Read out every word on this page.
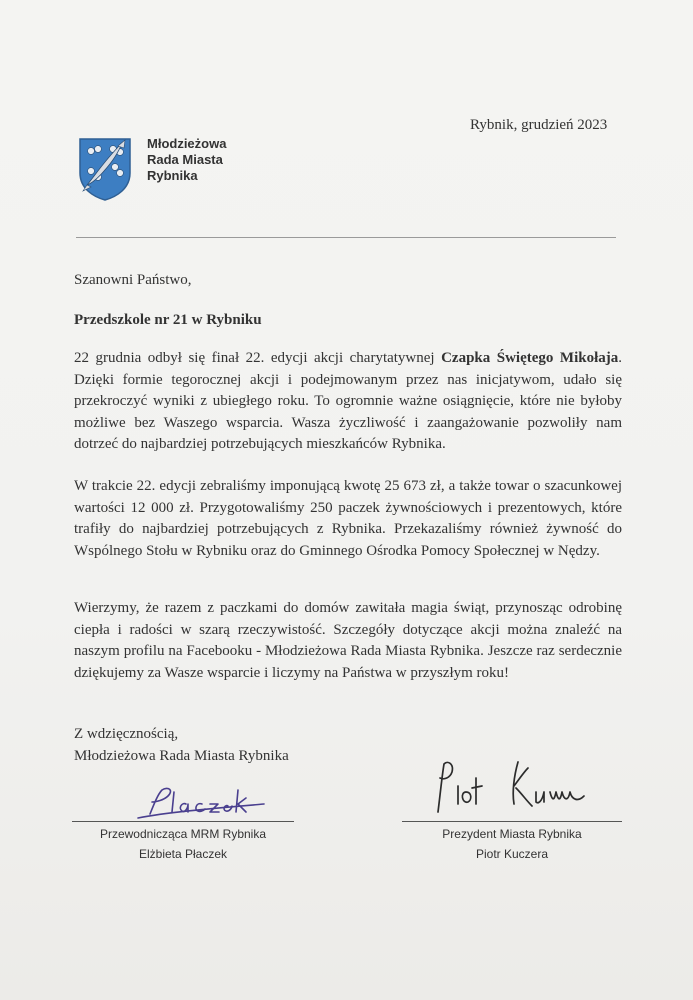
Rybnik, grudzień 2023
Młodzieżowa
Rada Miasta
Rybnika
Szanowni Państwo,
Przedszkole nr 21 w Rybniku
22 grudnia odbył się finał 22. edycji akcji charytatywnej Czapka Świętego Mikołaja. Dzięki formie tegorocznej akcji i podejmowanym przez nas inicjatywom, udało się przekroczyć wyniki z ubiegłego roku. To ogromnie ważne osiągnięcie, które nie byłoby możliwe bez Waszego wsparcia. Wasza życzliwość i zaangażowanie pozwoliły nam dotrzeć do najbardziej potrzebujących mieszkańców Rybnika.
W trakcie 22. edycji zebraliśmy imponującą kwotę 25 673 zł, a także towar o szacunkowej wartości 12 000 zł. Przygotowaliśmy 250 paczek żywnościowych i prezentowych, które trafiły do najbardziej potrzebujących z Rybnika. Przekazaliśmy również żywność do Wspólnego Stołu w Rybniku oraz do Gminnego Ośrodka Pomocy Społecznej w Nędzy.
Wierzymy, że razem z paczkami do domów zawitała magia świąt, przynosząc odrobinę ciepła i radości w szarą rzeczywistość. Szczegóły dotyczące akcji można znaleźć na naszym profilu na Facebooku - Młodzieżowa Rada Miasta Rybnika. Jeszcze raz serdecznie dziękujemy za Wasze wsparcie i liczymy na Państwa w przyszłym roku!
Z wdzięcznością,
Młodzieżowa Rada Miasta Rybnika
Przewodnicząca MRM Rybnika
Elżbieta Płaczek
Prezydent Miasta Rybnika
Piotr Kuczera
